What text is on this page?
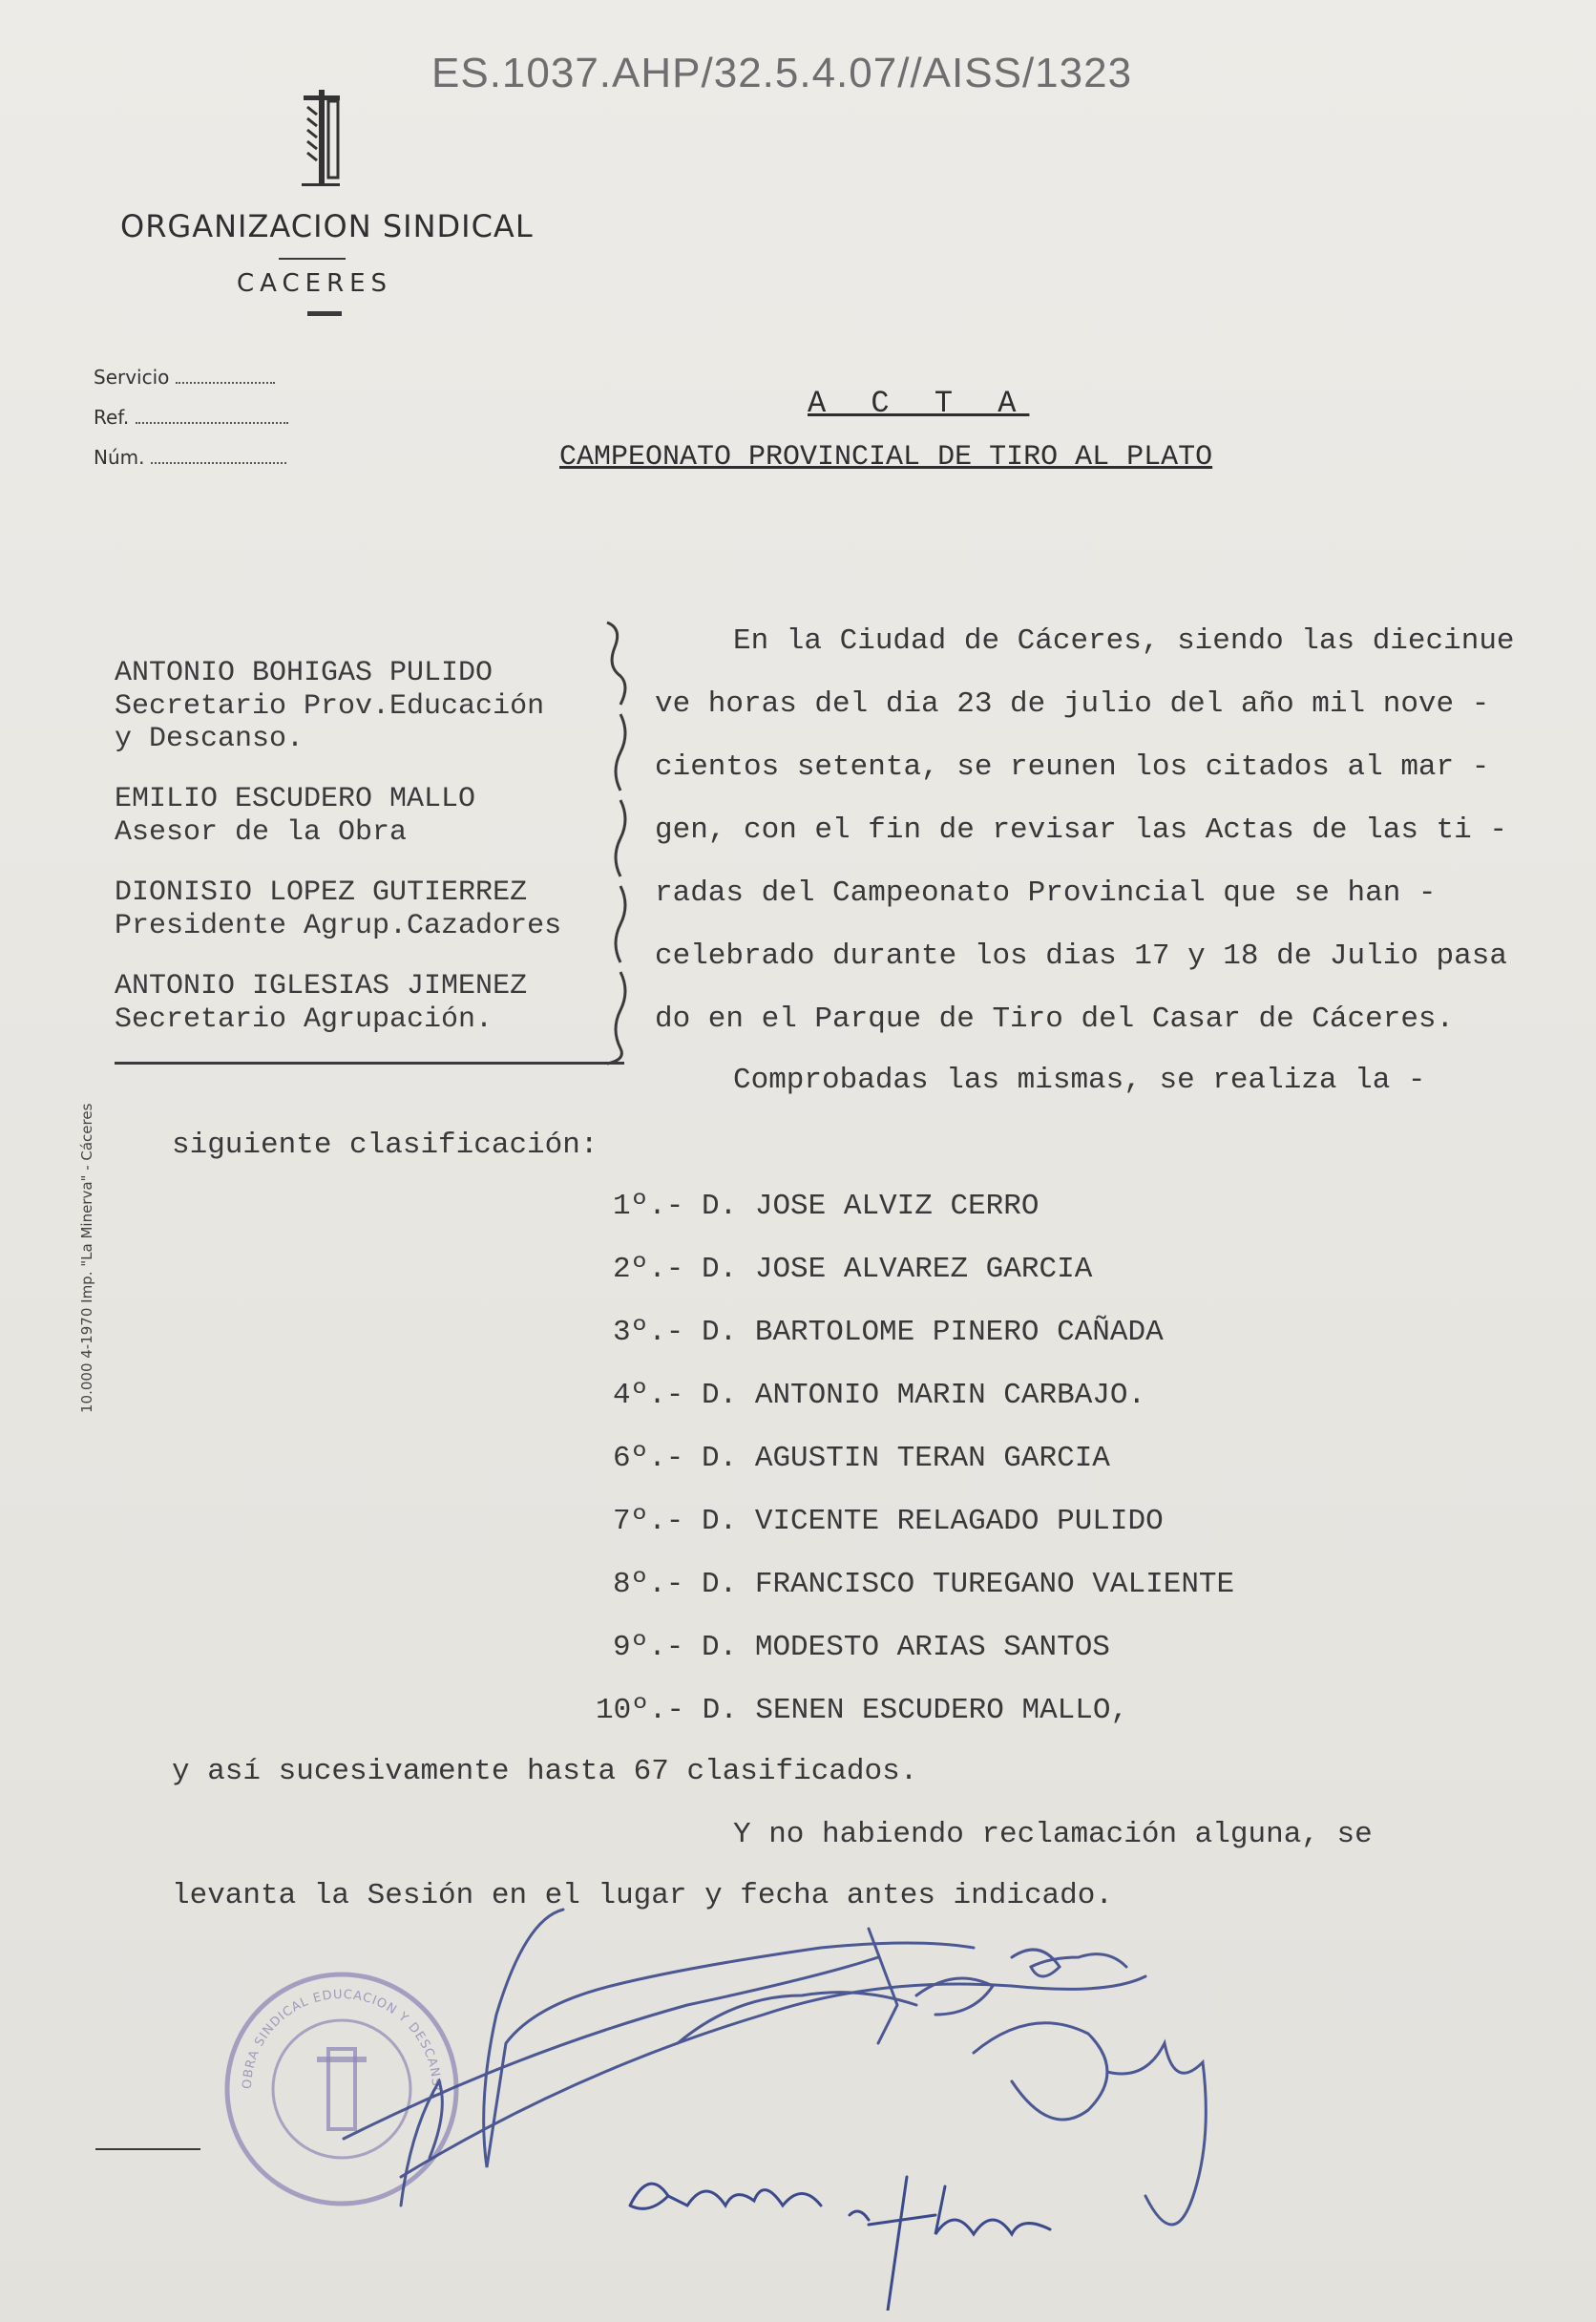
ES.1037.AHP/32.5.4.07//AISS/1323
ORGANIZACION SINDICAL
CACERES
Servicio
Ref.
Núm.
A C T A
CAMPEONATO PROVINCIAL DE TIRO AL PLATO
ANTONIO BOHIGAS PULIDO
Secretario Prov.Educación
y Descanso.
EMILIO ESCUDERO MALLO
Asesor de la Obra
DIONISIO LOPEZ GUTIERREZ
Presidente Agrup.Cazadores
ANTONIO IGLESIAS JIMENEZ
Secretario Agrupación.
En la Ciudad de Cáceres, siendo las diecinue
ve horas del dia 23 de julio del año mil nove -
cientos setenta, se reunen los citados al mar -
gen, con el fin de revisar las Actas de las ti -
radas del Campeonato Provincial que se han -
celebrado durante los dias 17 y 18 de Julio pasa
do en el Parque de Tiro del Casar de Cáceres.
Comprobadas las mismas, se realiza la -
siguiente clasificación:
1º.- D. JOSE ALVIZ CERRO
2º.- D. JOSE ALVAREZ GARCIA
3º.- D. BARTOLOME PINERO CAÑADA
4º.- D. ANTONIO MARIN CARBAJO.
6º.- D. AGUSTIN TERAN GARCIA
7º.- D. VICENTE RELAGADO PULIDO
8º.- D. FRANCISCO TUREGANO VALIENTE
9º.- D. MODESTO ARIAS SANTOS
10º.- D. SENEN ESCUDERO MALLO,
y así sucesivamente hasta 67 clasificados.
Y no habiendo reclamación alguna, se
levanta la Sesión en el lugar y fecha antes indicado.
10.000 4-1970 Imp. "La Minerva" - Cáceres
OBRA SINDICAL EDUCACION Y DESCANSO
